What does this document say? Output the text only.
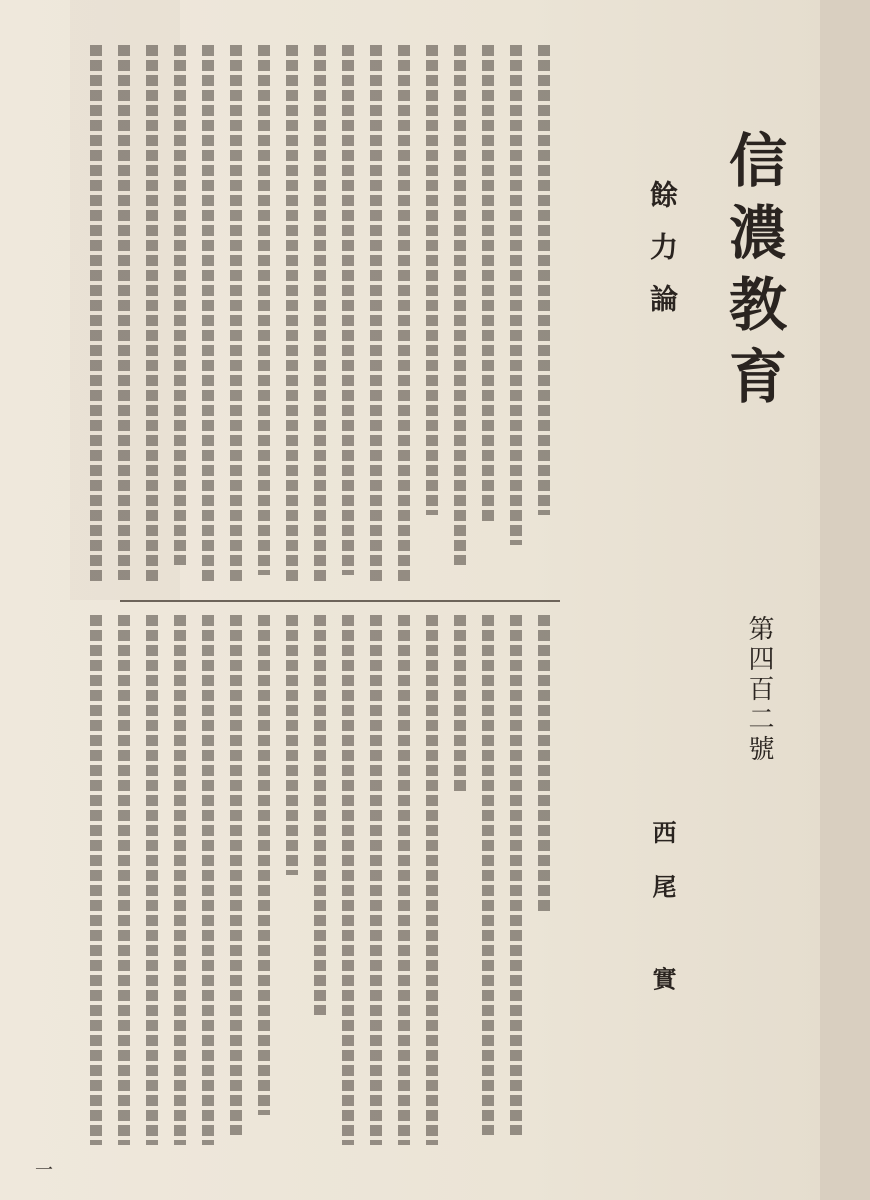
信濃教育
第四百二號
餘力論
西尾 實
一
